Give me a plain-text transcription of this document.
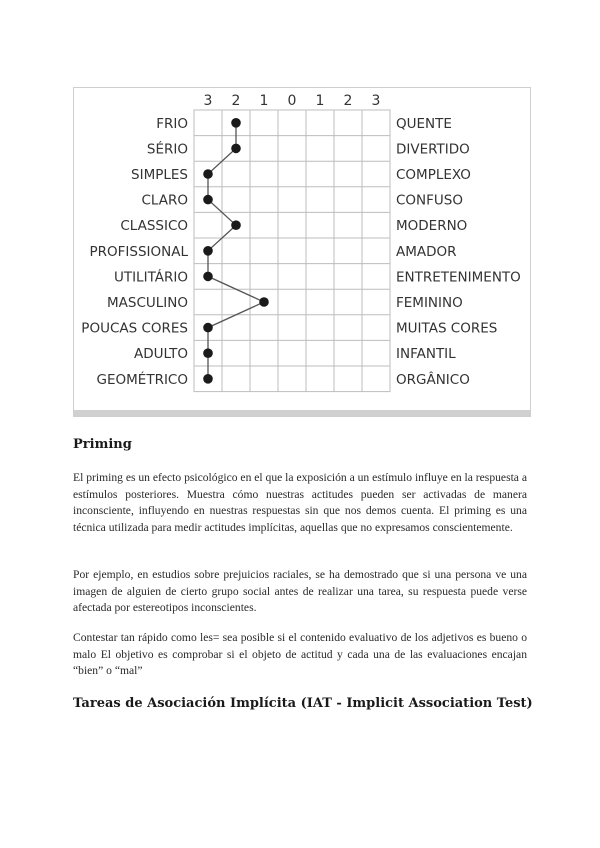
3 2 1 0 1 2 3
FRIO
SÉRIO
SIMPLES
CLARO
CLASSICO
PROFISSIONAL
UTILITÁRIO
MASCULINO
POUCAS CORES
ADULTO
GEOMÉTRICO
QUENTE
DIVERTIDO
COMPLEXO
CONFUSO
MODERNO
AMADOR
ENTRETENIMENTO
FEMININO
MUITAS CORES
INFANTIL
ORGÂNICO
Priming

El priming es un efecto psicológico en el que la exposición a un estímulo influye en la respuesta a estímulos posteriores. Muestra cómo nuestras actitudes pueden ser activadas de manera inconsciente, influyendo en nuestras respuestas sin que nos demos cuenta. El priming es una técnica utilizada para medir actitudes implícitas, aquellas que no expresamos conscientemente.

Por ejemplo, en estudios sobre prejuicios raciales, se ha demostrado que si una persona ve una imagen de alguien de cierto grupo social antes de realizar una tarea, su respuesta puede verse afectada por estereotipos inconscientes.

Contestar tan rápido como les= sea posible si el contenido evaluativo de los adjetivos es bueno o malo El objetivo es comprobar si el objeto de actitud y cada una de las evaluaciones encajan “bien” o “mal”

Tareas de Asociación Implícita (IAT - Implicit Association Test)
